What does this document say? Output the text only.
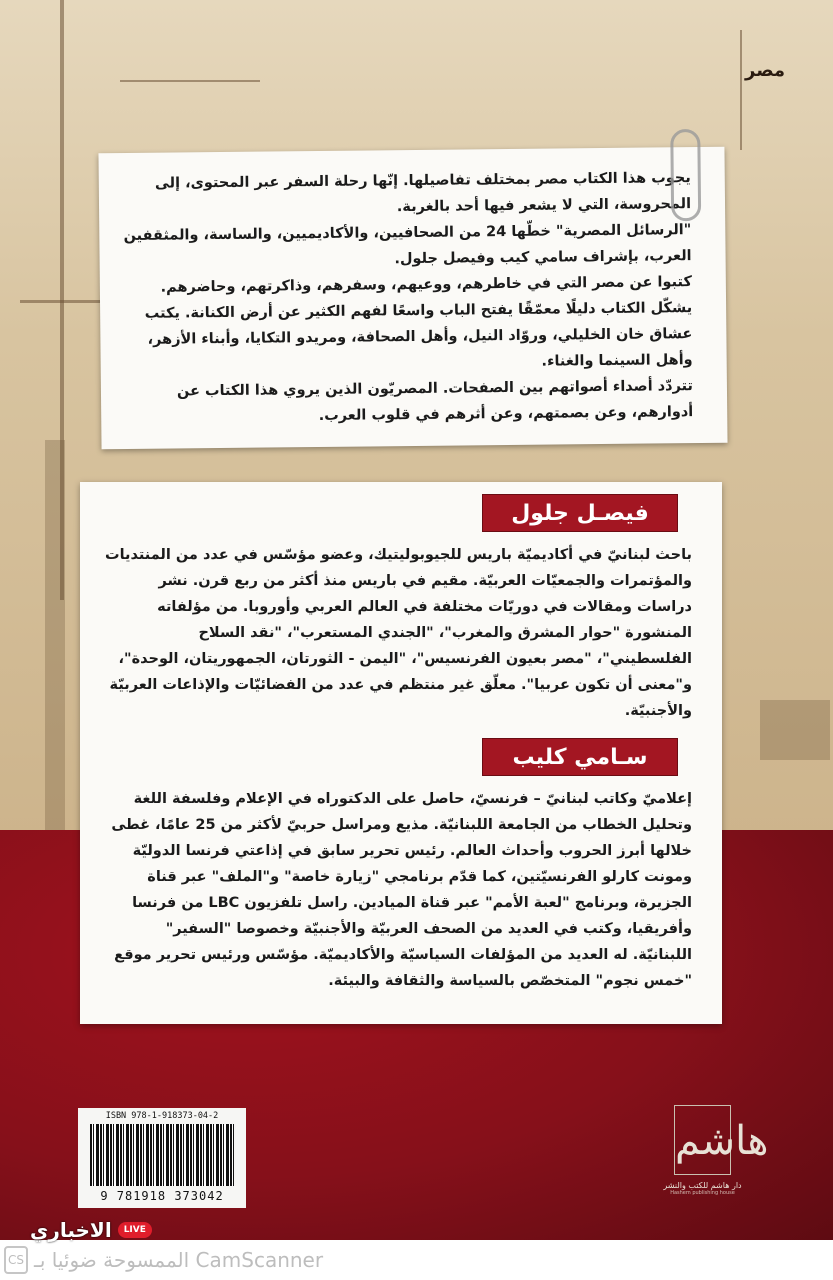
مصر

يجوب هذا الكتاب مصر بمختلف تفاصيلها. إنّها رحلة السفر عبر المحتوى، إلى المحروسة، التي لا يشعر فيها أحد بالغربة.

"الرسائل المصرية" خطّها 24 من الصحافيين، والأكاديميين، والساسة، والمثقفين العرب، بإشراف سامي كيب وفيصل جلول.

كتبوا عن مصر التي في خاطرهم، ووعيهم، وسفرهم، وذاكرتهم، وحاضرهم. يشكّل الكتاب دليلًا معمّقًا يفتح الباب واسعًا لفهم الكثير عن أرض الكنانة. يكتب عشاق خان الخليلي، وروّاد النيل، وأهل الصحافة، ومريدو التكايا، وأبناء الأزهر، وأهل السينما والغناء.

تتردّد أصداء أصواتهم بين الصفحات. المصريّون الذين يروي هذا الكتاب عن أدوارهم، وعن بصمتهم، وعن أثرهم في قلوب العرب.

فيصـل جلول

باحث لبنانيّ في أكاديميّة باريس للجيوبوليتيك، وعضو مؤسّس في عدد من المنتديات والمؤتمرات والجمعيّات العربيّة. مقيم في باريس منذ أكثر من ربع قرن. نشر دراسات ومقالات في دوريّات مختلفة في العالم العربي وأوروبا. من مؤلفاته المنشورة "حوار المشرق والمغرب"، "الجندي المستعرب"، "نقد السلاح الفلسطيني"، "مصر بعيون الفرنسيس"، "اليمن - الثورتان، الجمهوريتان، الوحدة"، و"معنى أن تكون عربيا". معلّق غير منتظم في عدد من الفضائيّات والإذاعات العربيّة والأجنبيّة.

سـامي كليب

إعلاميّ وكاتب لبنانيّ – فرنسيّ، حاصل على الدكتوراه في الإعلام وفلسفة اللغة وتحليل الخطاب من الجامعة اللبنانيّة. مذيع ومراسل حربيّ لأكثر من 25 عامًا، غطى خلالها أبرز الحروب وأحداث العالم. رئيس تحرير سابق في إذاعتي فرنسا الدوليّة ومونت كارلو الفرنسيّتين، كما قدّم برنامجي "زيارة خاصة" و"الملف" عبر قناة الجزيرة، وبرنامج "لعبة الأمم" عبر قناة الميادين. راسل تلفزيون LBC من فرنسا وأفريقيا، وكتب في العديد من الصحف العربيّة والأجنبيّة وخصوصا "السفير" اللبنانيّة. له العديد من المؤلفات السياسيّة والأكاديميّة. مؤسّس ورئيس تحرير موقع "خمس نجوم" المتخصّص بالسياسة والثقافة والبيئة.

ISBN 978-1-918373-04-2
9 781918 373042
هاشم
دار هاشم للكتب والنشر
Hashem publishing house
الاخباري	LIVE
CS الممسوحة ضوئيا بـ CamScanner
